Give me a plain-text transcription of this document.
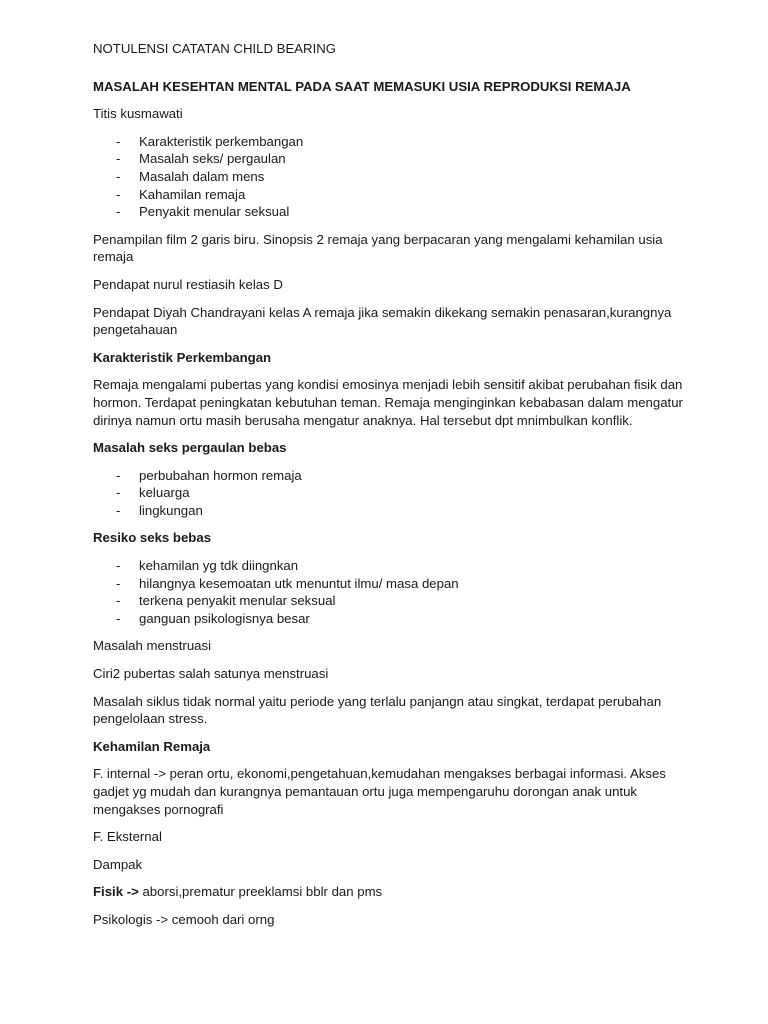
NOTULENSI CATATAN CHILD BEARING

MASALAH KESEHTAN MENTAL PADA SAAT MEMASUKI USIA REPRODUKSI REMAJA

Titis kusmawati

- Karakteristik perkembangan
- Masalah seks/ pergaulan
- Masalah dalam mens
- Kahamilan remaja
- Penyakit menular seksual

Penampilan film 2 garis biru. Sinopsis 2 remaja yang berpacaran yang mengalami kehamilan usia remaja

Pendapat nurul restiasih kelas D

Pendapat Diyah Chandrayani kelas A remaja jika semakin dikekang semakin penasaran,kurangnya pengetahauan

Karakteristik Perkembangan

Remaja mengalami pubertas yang kondisi emosinya menjadi lebih sensitif akibat perubahan fisik dan hormon. Terdapat peningkatan kebutuhan teman. Remaja menginginkan kebabasan dalam mengatur dirinya namun ortu masih berusaha mengatur anaknya. Hal tersebut dpt mnimbulkan konflik.

Masalah seks pergaulan bebas

- perbubahan hormon remaja
- keluarga
- lingkungan

Resiko seks bebas

- kehamilan yg tdk diingnkan
- hilangnya kesemoatan utk menuntut ilmu/ masa depan
- terkena penyakit menular seksual
- ganguan psikologisnya besar

Masalah menstruasi

Ciri2 pubertas salah satunya menstruasi

Masalah siklus tidak normal yaitu periode yang terlalu panjangn atau singkat, terdapat perubahan pengelolaan stress.

Kehamilan Remaja

F. internal -> peran ortu, ekonomi,pengetahuan,kemudahan mengakses berbagai informasi. Akses gadjet yg mudah dan kurangnya pemantauan ortu juga mempengaruhu dorongan anak untuk mengakses pornografi

F. Eksternal

Dampak

Fisik -> aborsi,prematur preeklamsi bblr dan pms

Psikologis -> cemooh dari orng
